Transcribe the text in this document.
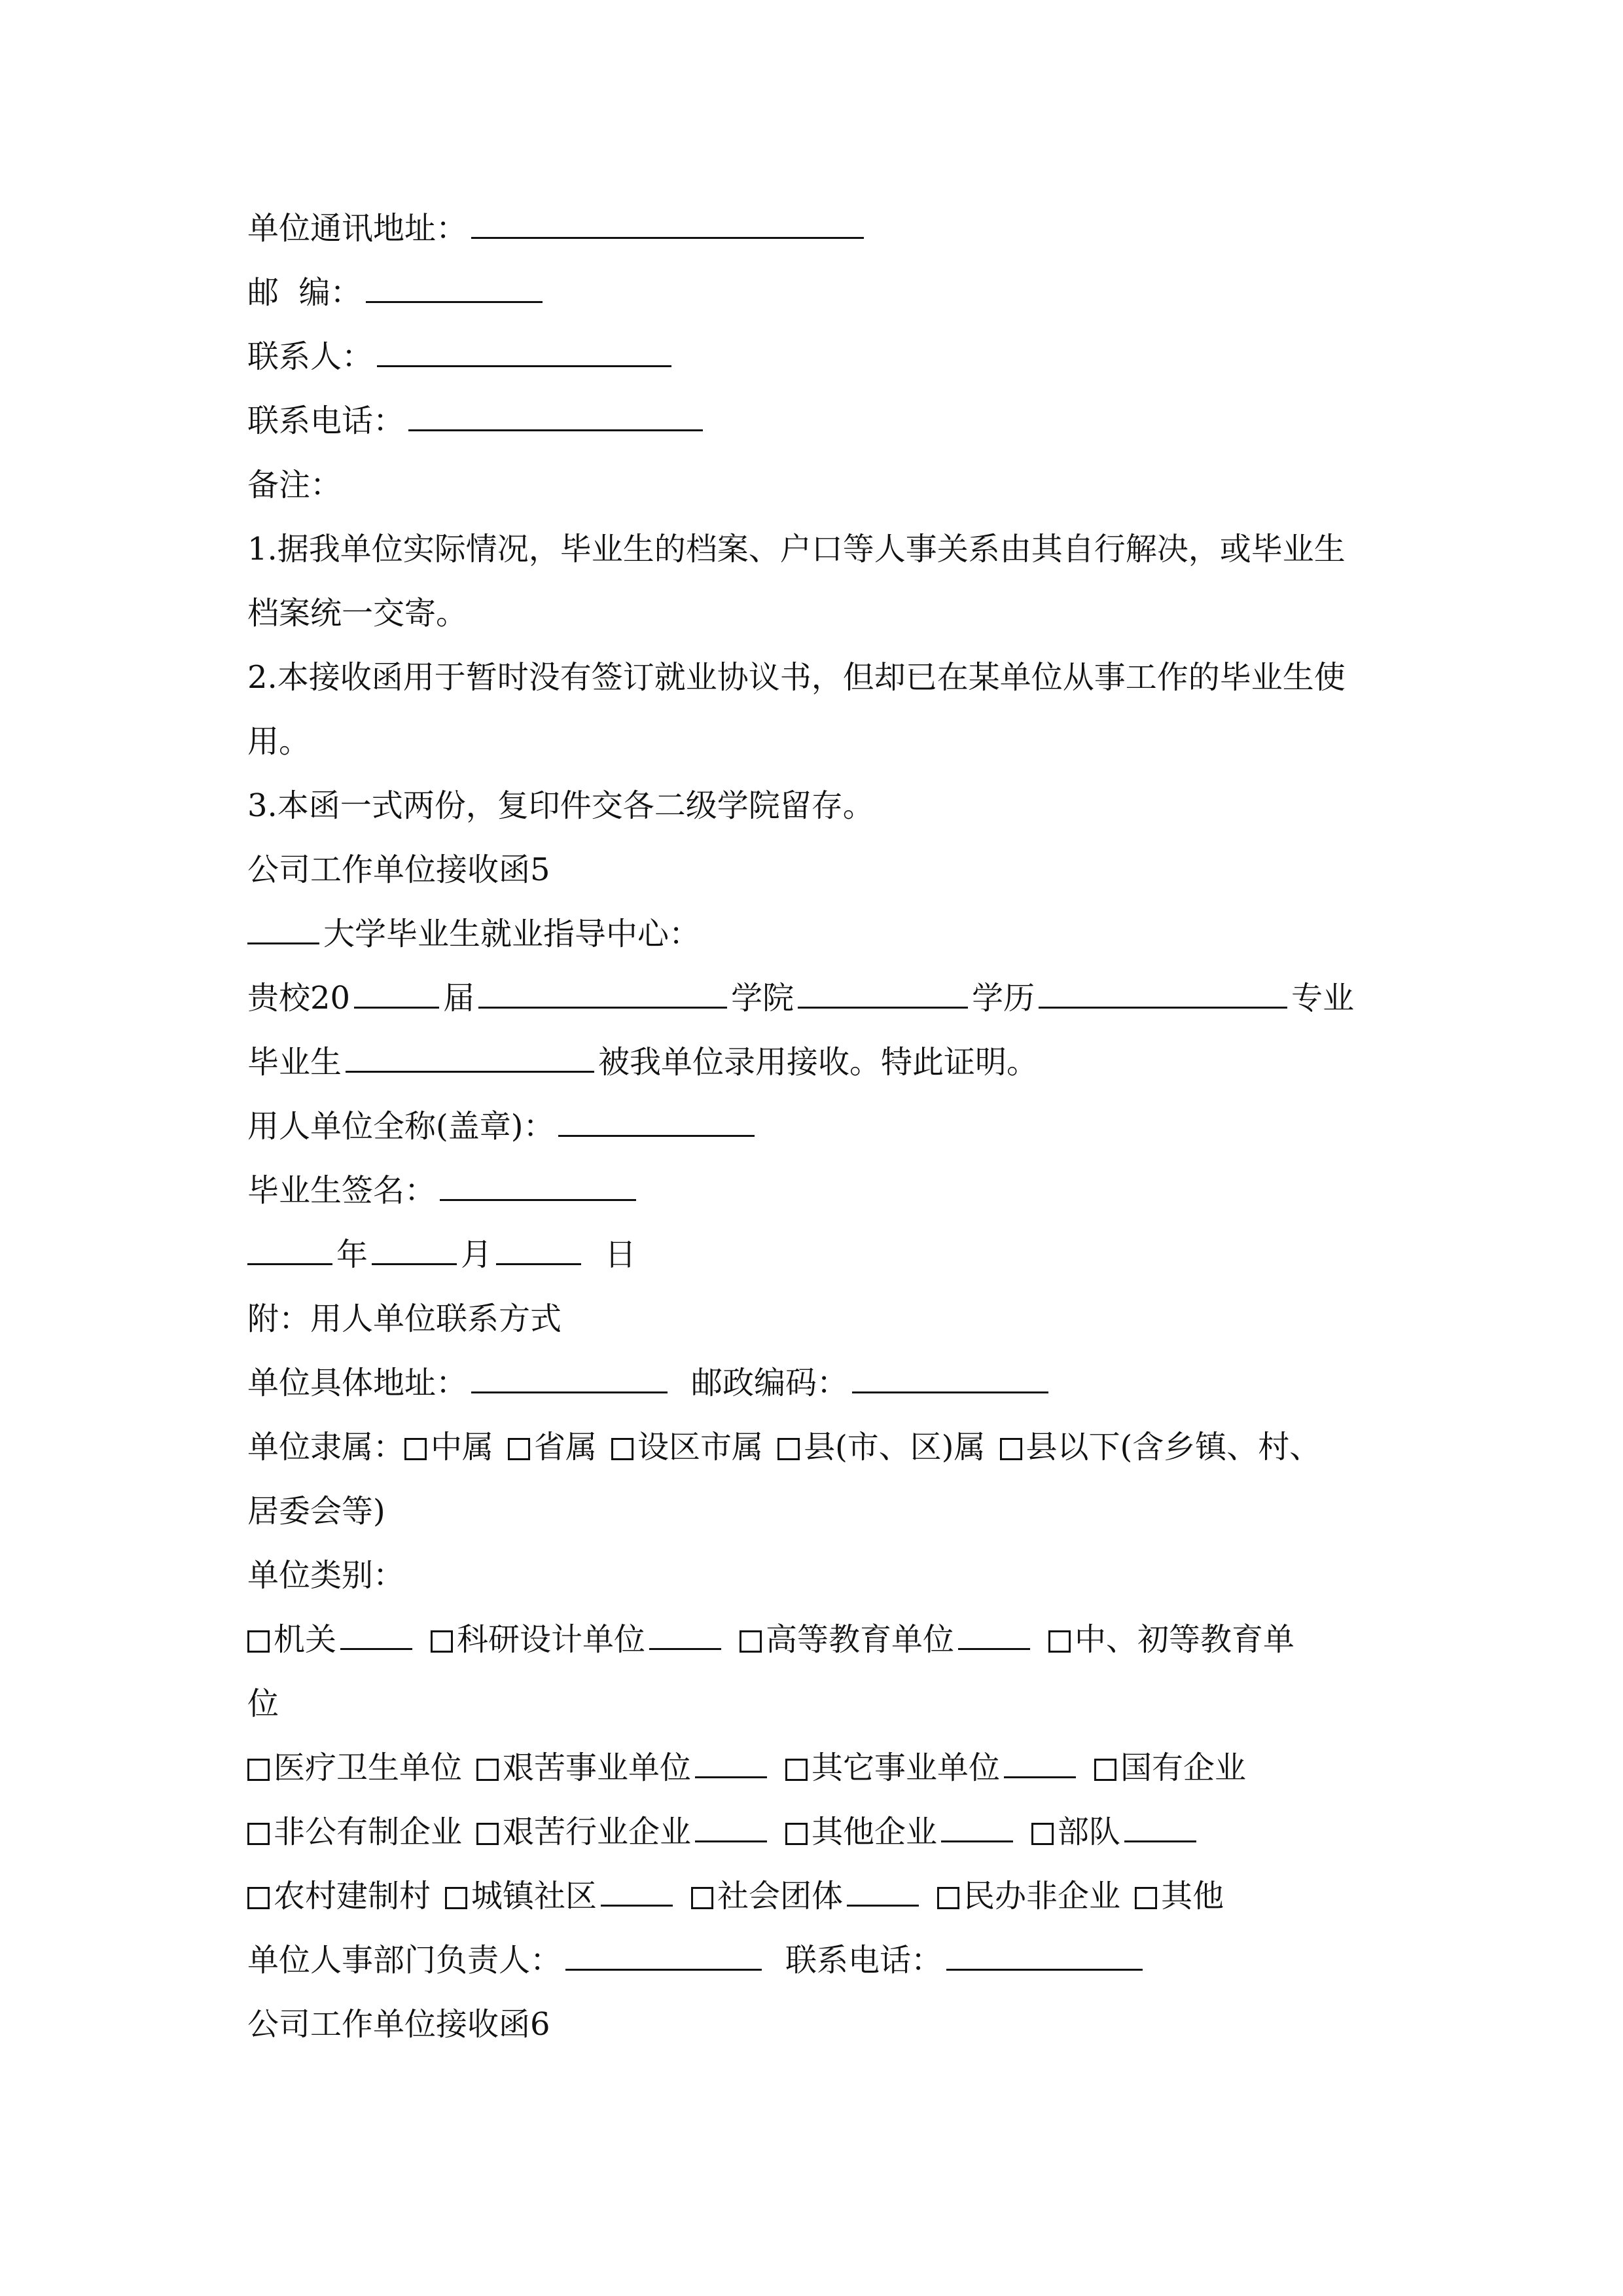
单位通讯地址：
邮  编：
联系人：
联系电话：
备注：
1.据我单位实际情况，毕业生的档案、户口等人事关系由其自行解决，或毕业生
档案统一交寄。
2.本接收函用于暂时没有签订就业协议书，但却已在某单位从事工作的毕业生使
用。
3.本函一式两份，复印件交各二级学院留存。
公司工作单位接收函5
大学毕业生就业指导中心：
贵校20	届	学院	学历	专业
毕业生	被我单位录用接收。特此证明。
用人单位全称(盖章)：
毕业生签名：
年	月	日
附：用人单位联系方式
单位具体地址：	邮政编码：
单位隶属： 中属 省属 设区市属 县(市、区)属 县以下(含乡镇、村、
居委会等)
单位类别：
机关	科研设计单位	高等教育单位	中、初等教育单
位
医疗卫生单位 艰苦事业单位	其它事业单位	国有企业
非公有制企业 艰苦行业企业	其他企业	部队
农村建制村 城镇社区	社会团体	民办非企业 其他
单位人事部门负责人：	联系电话：
公司工作单位接收函6
